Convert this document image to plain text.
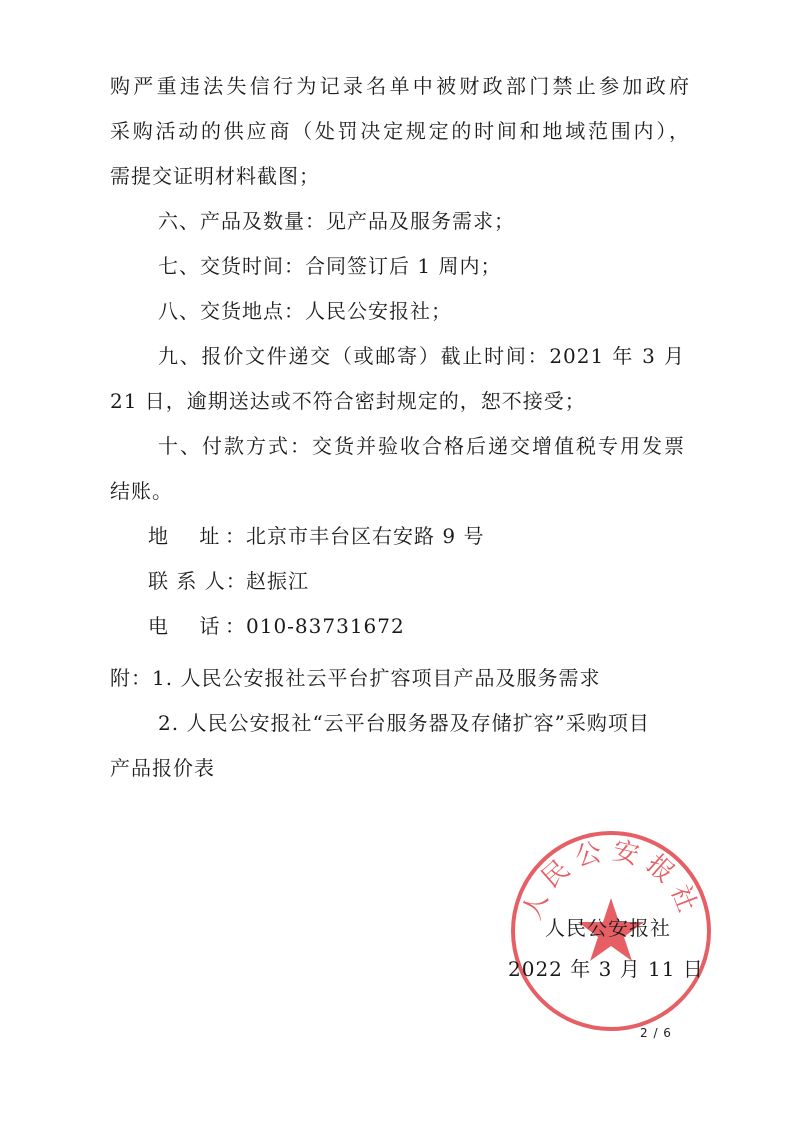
购严重违法失信行为记录名单中被财政部门禁止参加政府
采购活动的供应商（处罚决定规定的时间和地域范围内），
需提交证明材料截图；
六、产品及数量：见产品及服务需求；
七、交货时间：合同签订后 1 周内；
八、交货地点：人民公安报社；
九、报价文件递交（或邮寄）截止时间：2021 年 3 月
21 日，逾期送达或不符合密封规定的，恕不接受；
十、付款方式：交货并验收合格后递交增值税专用发票
结账。
地　址：北京市丰台区右安路 9 号
联 系 人：赵振江
电　话：010-83731672
附：1. 人民公安报社云平台扩容项目产品及服务需求
2. 人民公安报社“云平台服务器及存储扩容”采购项目
产品报价表
人民公安报社
人民公安报社
2022 年 3 月 11 日
2 / 6
